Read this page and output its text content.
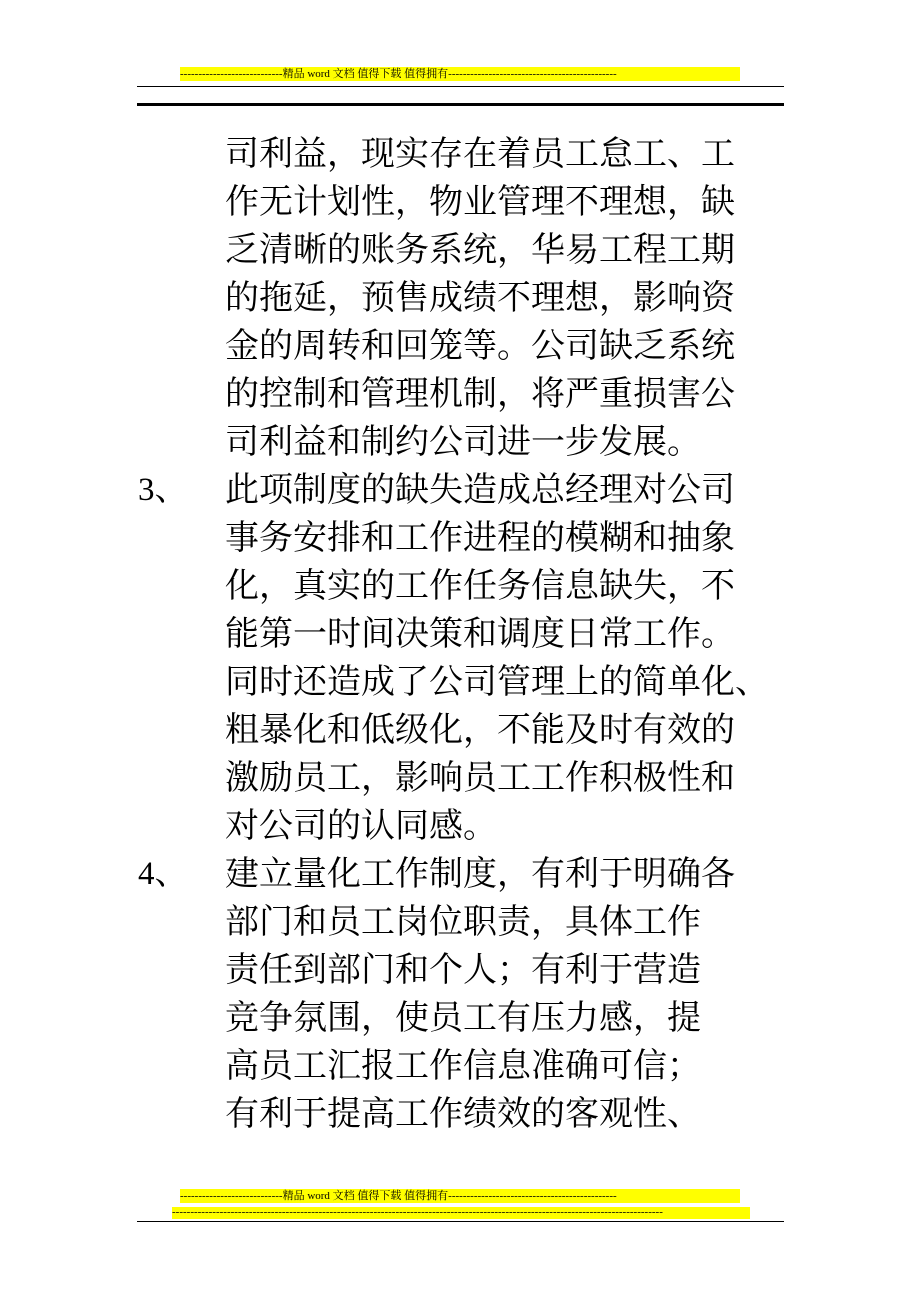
----------------------------精品 word 文档 值得下载 值得拥有----------------------------------------------
司利益，现实存在着员工怠工、工
作无计划性，物业管理不理想，缺
乏清晰的账务系统，华易工程工期
的拖延，预售成绩不理想，影响资
金的周转和回笼等。公司缺乏系统
的控制和管理机制，将严重损害公
司利益和制约公司进一步发展。
3、 此项制度的缺失造成总经理对公司
事务安排和工作进程的模糊和抽象
化，真实的工作任务信息缺失，不
能第一时间决策和调度日常工作。
同时还造成了公司管理上的简单化、
粗暴化和低级化，不能及时有效的
激励员工，影响员工工作积极性和
对公司的认同感。
4、 建立量化工作制度，有利于明确各
部门和员工岗位职责，具体工作
责任到部门和个人；有利于营造
竞争氛围，使员工有压力感，提
高员工汇报工作信息准确可信；
有利于提高工作绩效的客观性、
----------------------------精品 word 文档 值得下载 值得拥有----------------------------------------------
--------------------------------------------------------------------------------------------------------------------------------------
